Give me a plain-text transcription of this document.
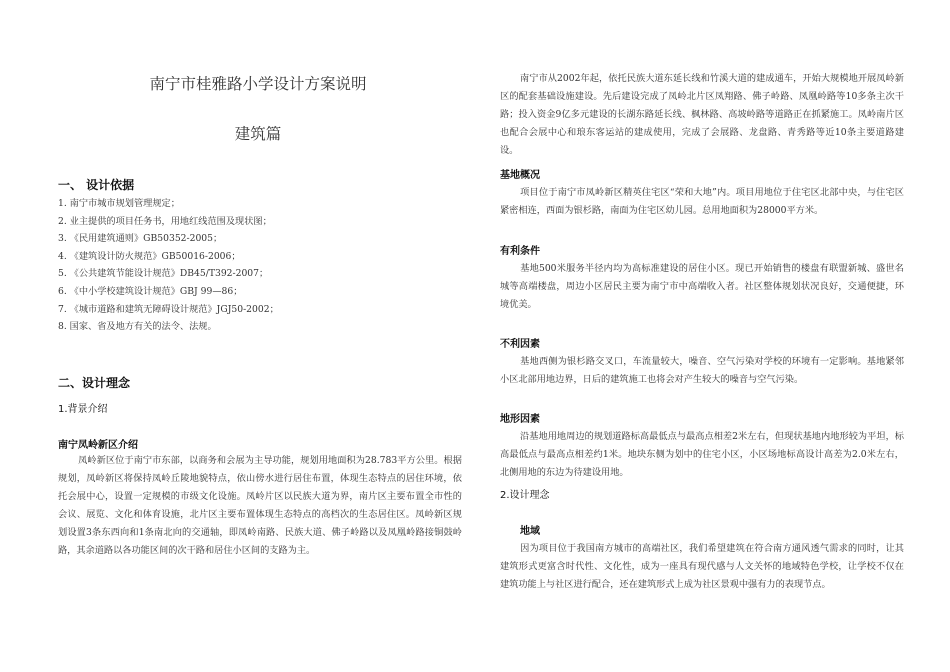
南宁市桂雅路小学设计方案说明
建筑篇
一、 设计依据
1. 南宁市城市规划管理规定；
2. 业主提供的项目任务书，用地红线范围及现状图；
3. 《民用建筑通则》GB50352-2005；
4. 《建筑设计防火规范》GB50016-2006；
5. 《公共建筑节能设计规范》DB45/T392-2007；
6. 《中小学校建筑设计规范》GBJ 99—86；
7. 《城市道路和建筑无障碍设计规范》JGJ50-2002；
8. 国家、省及地方有关的法令、法规。
二、设计理念
1.背景介绍
南宁凤岭新区介绍

凤岭新区位于南宁市东部，以商务和会展为主导功能，规划用地面积为28.783平方公里。根据规划，凤岭新区将保持凤岭丘陵地貌特点，依山傍水进行居住布置，体现生态特点的居住环境，依托会展中心，设置一定规模的市级文化设施。凤岭片区以民族大道为界，南片区主要布置全市性的会议、展览、文化和体育设施，北片区主要布置体现生态特点的高档次的生态居住区。凤岭新区规划设置3条东西向和1条南北向的交通轴，即凤岭南路、民族大道、佛子岭路以及凤凰岭路接铜鼓岭路，其余道路以各功能区间的次干路和居住小区间的支路为主。

南宁市从2002年起，依托民族大道东延长线和竹溪大道的建成通车，开始大规模地开展凤岭新区的配套基础设施建设。先后建设完成了凤岭北片区凤翔路、佛子岭路、凤凰岭路等10多条主次干路；投入资金9亿多元建设的长湖东路延长线、枫林路、高坡岭路等道路正在抓紧施工。凤岭南片区也配合会展中心和琅东客运站的建成使用，完成了会展路、龙盘路、青秀路等近10条主要道路建设。

基地概况

项目位于南宁市凤岭新区精英住宅区“荣和大地”内。项目用地位于住宅区北部中央，与住宅区紧密相连，西面为银杉路，南面为住宅区幼儿园。总用地面积为28000平方米。

有利条件

基地500米服务半径内均为高标准建设的居住小区。现已开始销售的楼盘有联盟新城、盛世名城等高端楼盘，周边小区居民主要为南宁市中高端收入者。社区整体规划状况良好，交通便捷，环境优美。

不利因素

基地西侧为银杉路交叉口，车流量较大，噪音、空气污染对学校的环境有一定影响。基地紧邻小区北部用地边界，日后的建筑施工也将会对产生较大的噪音与空气污染。

地形因素

沿基地用地周边的规划道路标高最低点与最高点相差2米左右，但现状基地内地形较为平坦，标高最低点与最高点相差约1米。地块东侧为划中的住宅小区，小区场地标高设计高差为2.0米左右，北侧用地的东边为待建设用地。

2.设计理念
地域

因为项目位于我国南方城市的高端社区，我们希望建筑在符合南方通风透气需求的同时，让其建筑形式更富含时代性、文化性，成为一座具有现代感与人文关怀的地域特色学校，让学校不仅在建筑功能上与社区进行配合，还在建筑形式上成为社区景观中强有力的表现节点。
